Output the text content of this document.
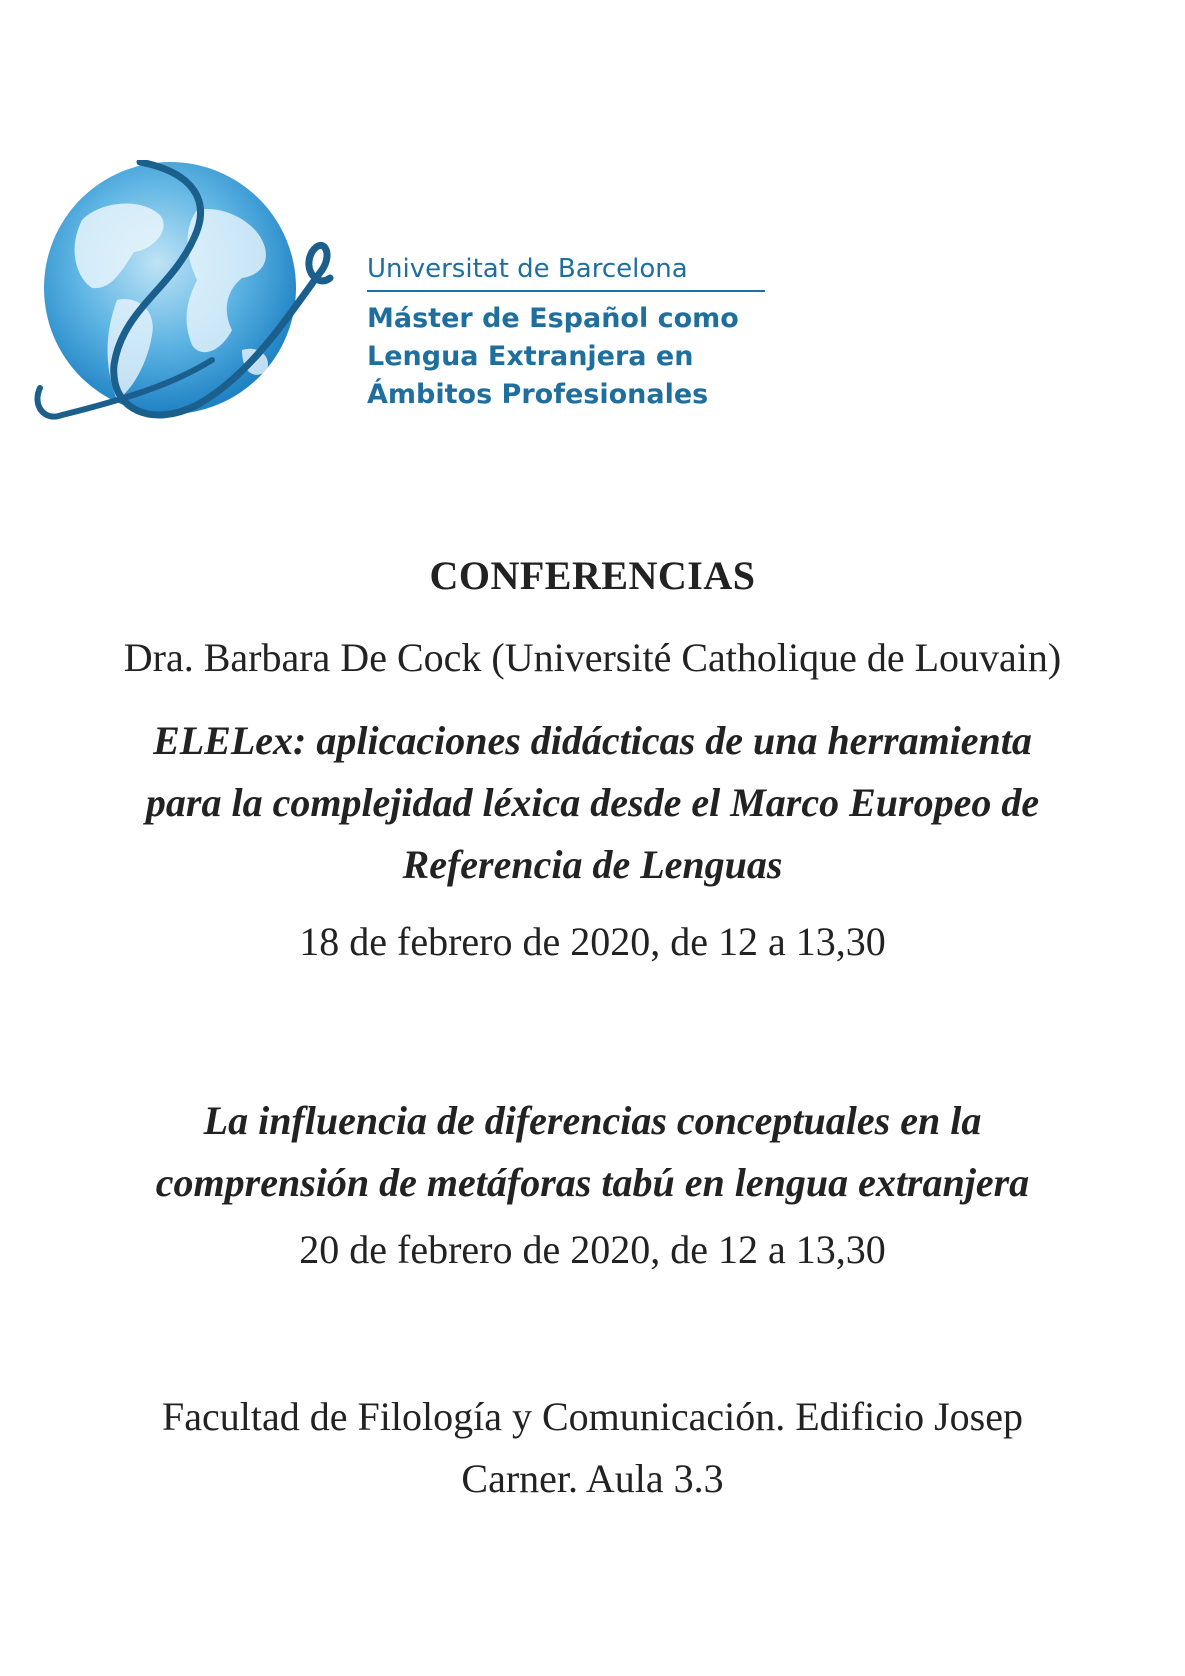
Universitat de Barcelona
Máster de Español como
Lengua Extranjera en
Ámbitos Profesionales
CONFERENCIAS
Dra. Barbara De Cock (Université Catholique de Louvain)
ELELex: aplicaciones didácticas de una herramienta
para la complejidad léxica desde el Marco Europeo de
Referencia de Lenguas
18 de febrero de 2020, de 12 a 13,30
La influencia de diferencias conceptuales en la
comprensión de metáforas tabú en lengua extranjera
20 de febrero de 2020, de 12 a 13,30
Facultad de Filología y Comunicación. Edificio Josep
Carner. Aula 3.3
